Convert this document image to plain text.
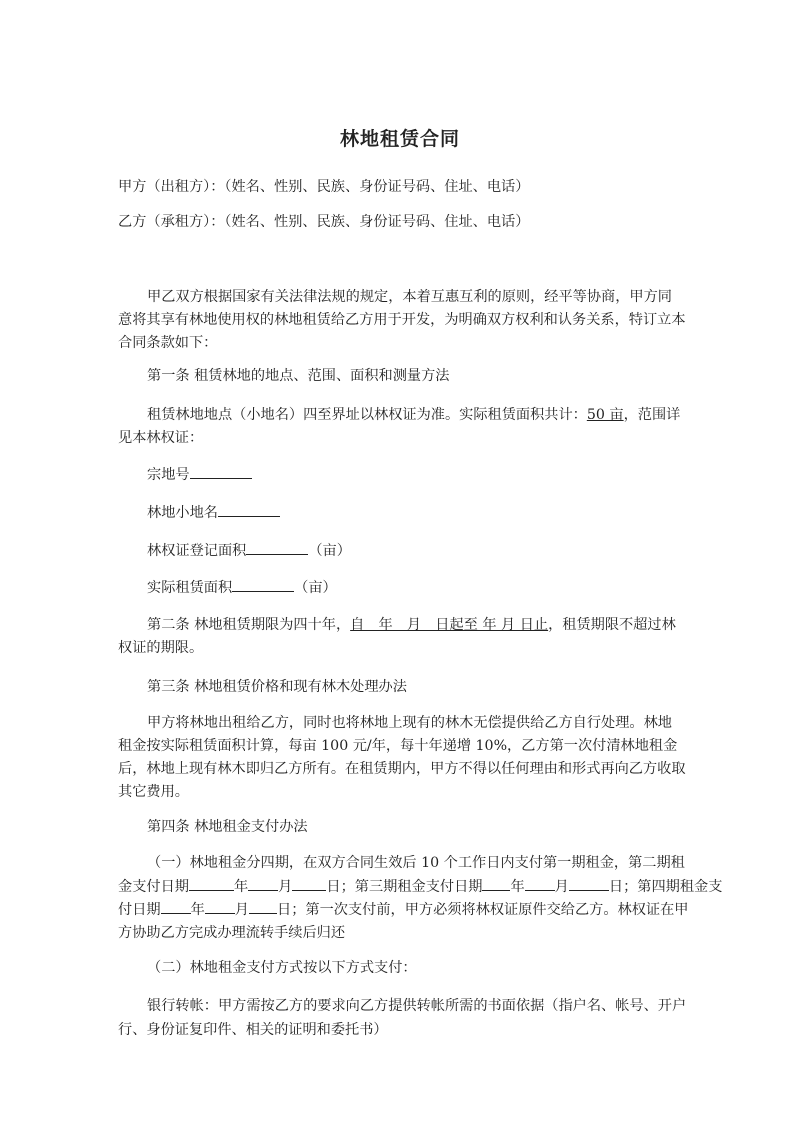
林地租赁合同
甲方（出租方）：（姓名、性别、民族、身份证号码、住址、电话）
乙方（承租方）：（姓名、性别、民族、身份证号码、住址、电话）
甲乙双方根据国家有关法律法规的规定，本着互惠互利的原则，经平等协商，甲方同意将其享有林地使用权的林地租赁给乙方用于开发，为明确双方权利和认务关系，特订立本合同条款如下：
第一条 租赁林地的地点、范围、面积和测量方法
租赁林地地点（小地名）四至界址以林权证为准。实际租赁面积共计：50 亩，范围详见本林权证：
宗地号
林地小地名
林权证登记面积	（亩）
实际租赁面积	（亩）
第二条 林地租赁期限为四十年，自　年　月　日起至 年 月 日止，租赁期限不超过林权证的期限。
第三条 林地租赁价格和现有林木处理办法
甲方将林地出租给乙方，同时也将林地上现有的林木无偿提供给乙方自行处理。林地租金按实际租赁面积计算，每亩 100 元/年，每十年递增 10%，乙方第一次付清林地租金后，林地上现有林木即归乙方所有。在租赁期内，甲方不得以任何理由和形式再向乙方收取其它费用。
第四条 林地租金支付办法
（一）林地租金分四期，在双方合同生效后 10 个工作日内支付第一期租金，第二期租
金支付日期	年 月 日；第三期租金支付日期 年 月	日；第四期租金支
付日期 年 月 日；第一次支付前，甲方必须将林权证原件交给乙方。林权证在甲
方协助乙方完成办理流转手续后归还
（二）林地租金支付方式按以下方式支付：
银行转帐：甲方需按乙方的要求向乙方提供转帐所需的书面依据（指户名、帐号、开户
行、身份证复印件、相关的证明和委托书）
